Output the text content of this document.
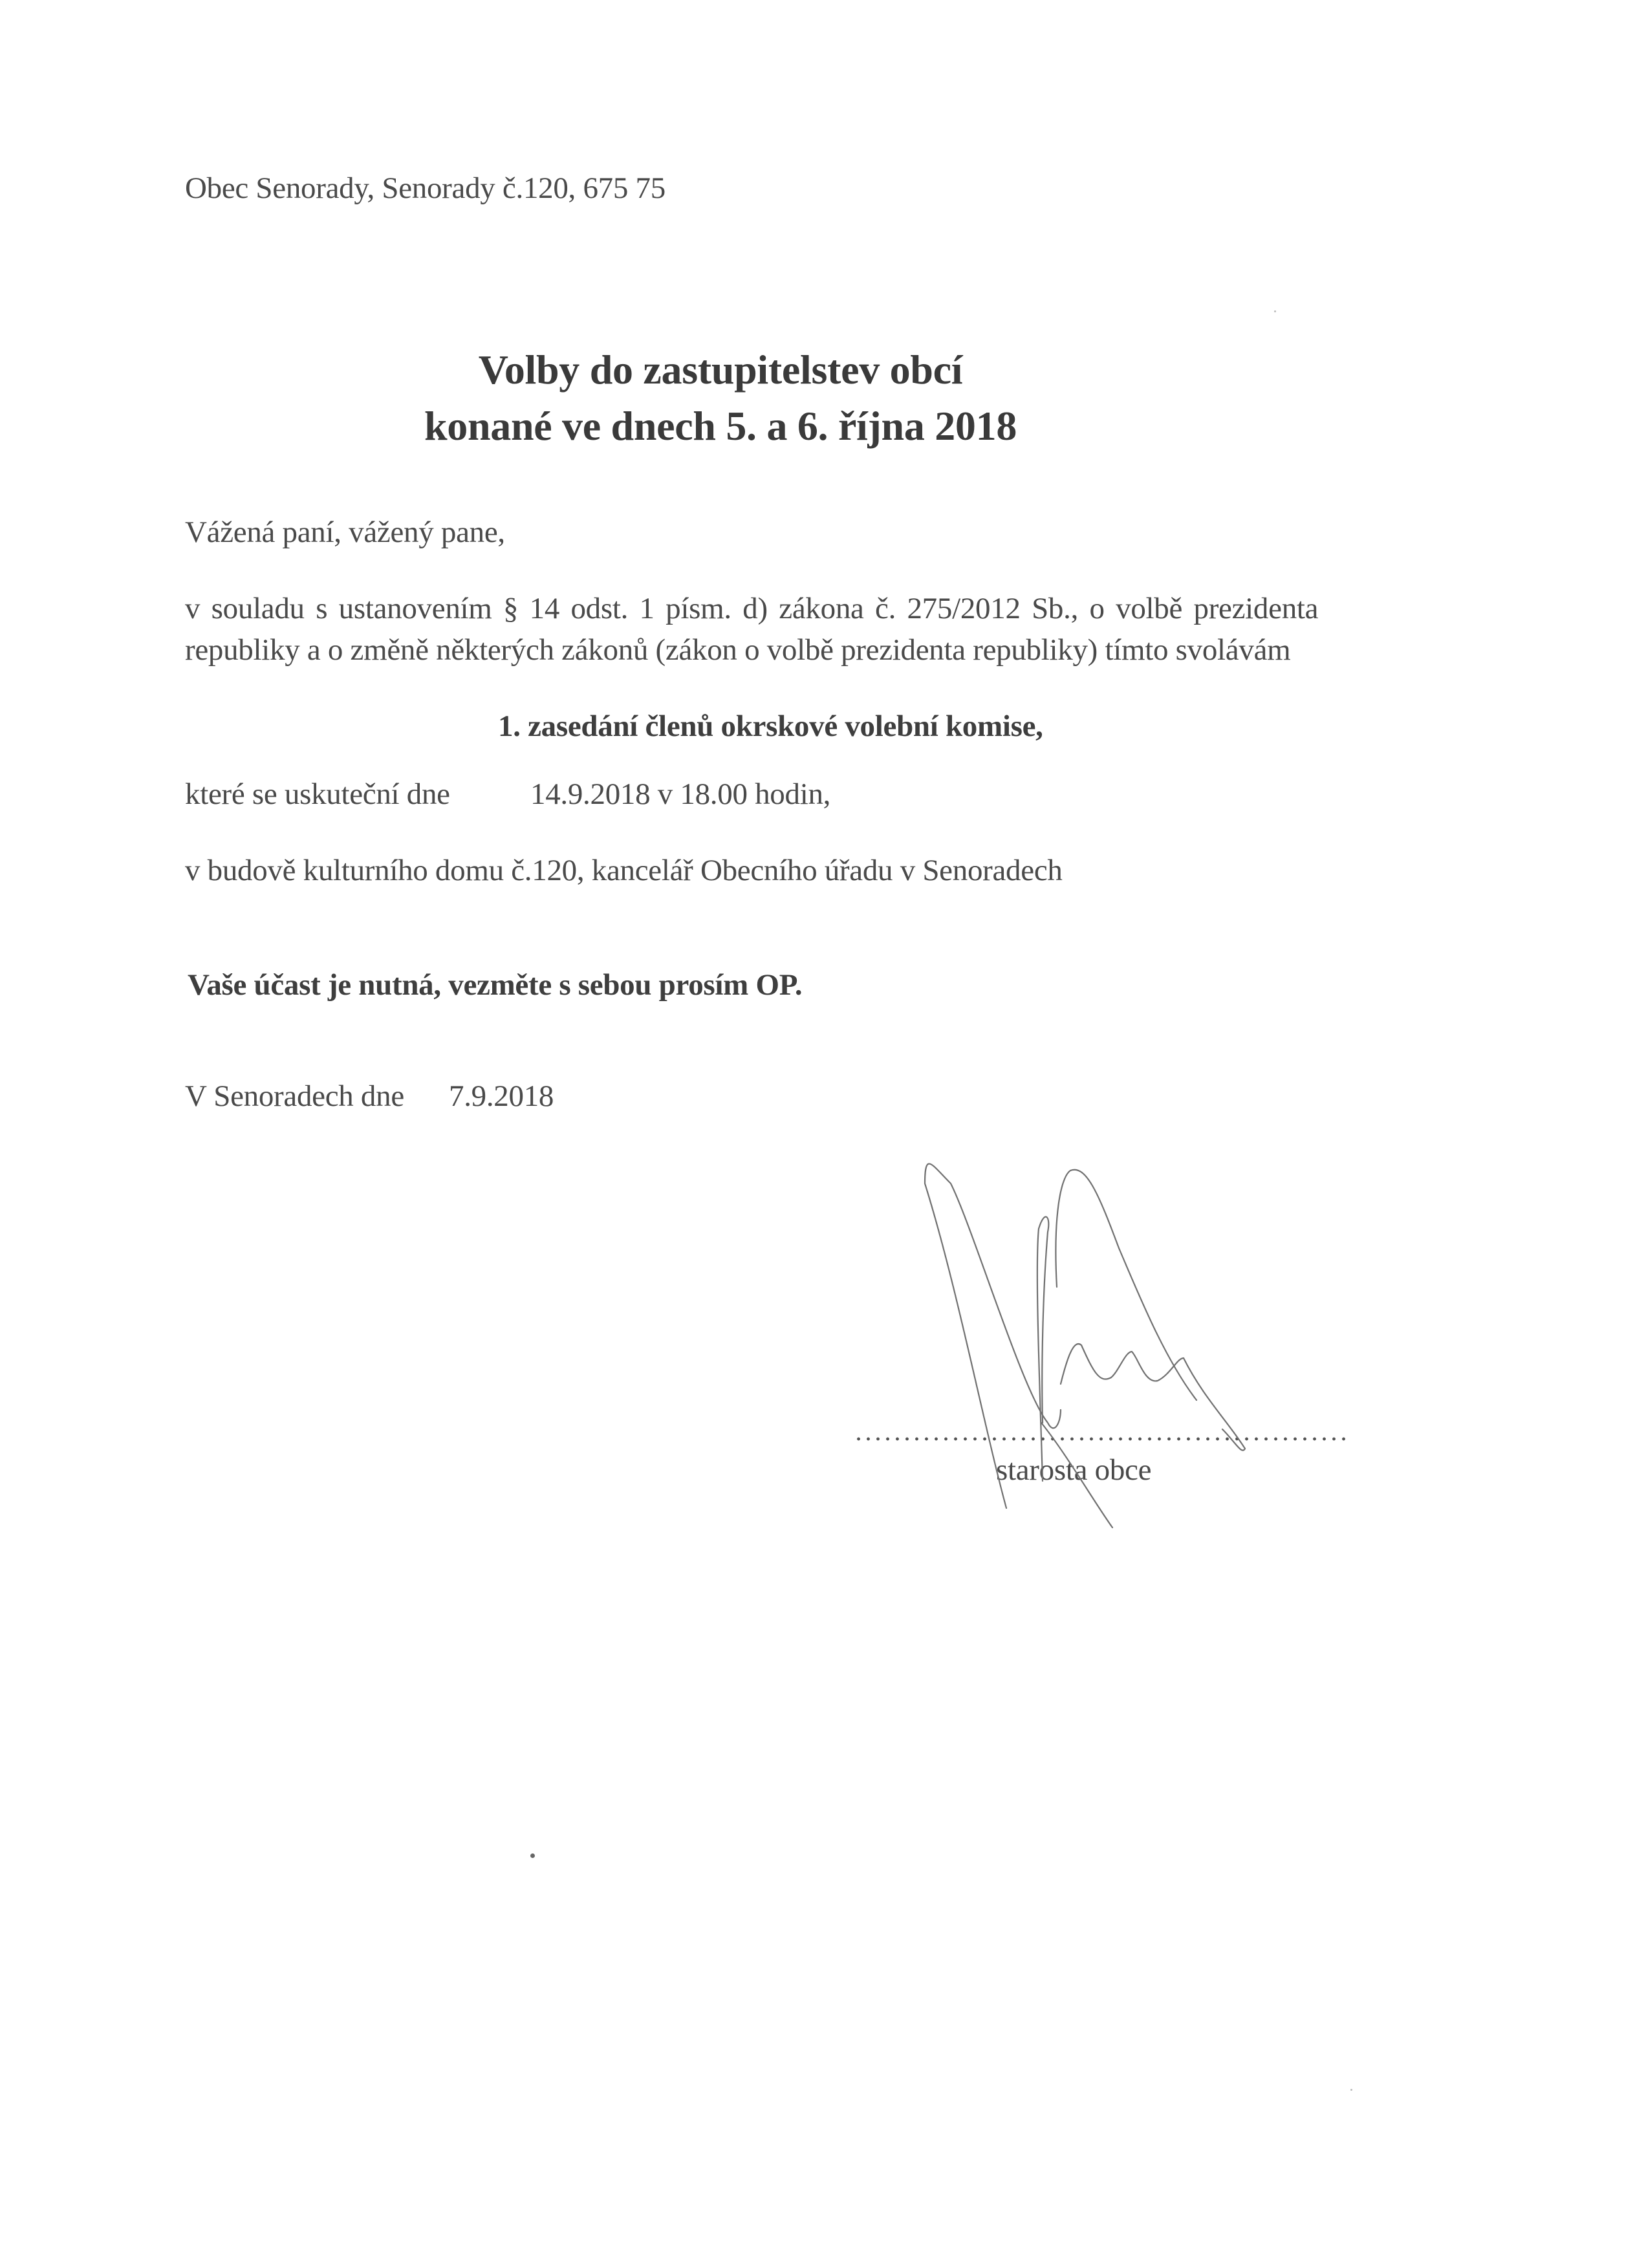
Obec Senorady, Senorady č.120, 675 75
Volby do zastupitelstev obcí
konané ve dnech 5. a 6. října 2018
Vážená paní, vážený pane,
v souladu s ustanovením § 14 odst. 1 písm. d) zákona č. 275/2012 Sb., o volbě prezidenta
republiky a o změně některých zákonů (zákon o volbě prezidenta republiky) tímto svolávám
1. zasedání členů okrskové volební komise,
které se uskuteční dne	14.9.2018 v 18.00 hodin,
v budově kulturního domu č.120, kancelář Obecního úřadu v Senoradech
Vaše účast je nutná, vezměte s sebou prosím OP.
V Senoradech dne 7.9.2018
starosta obce
